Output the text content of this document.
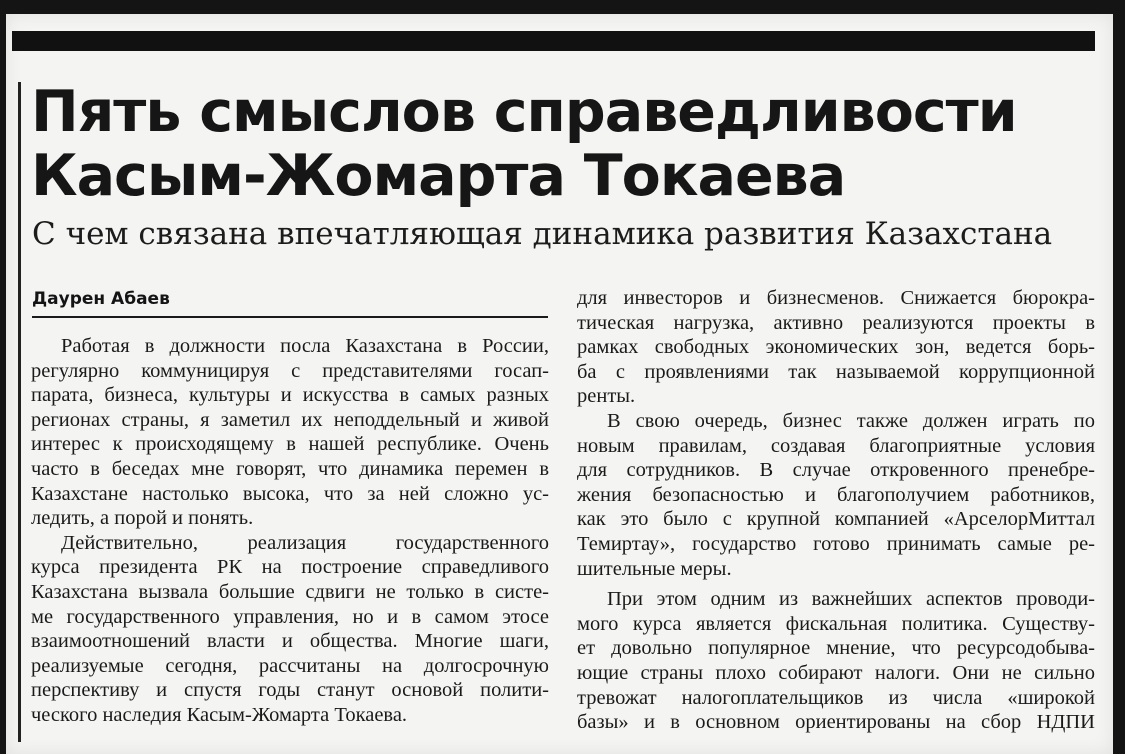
Пять смыслов справедливости
Касым-Жомарта Токаева
С чем связана впечатляющая динамика развития Казахстана
Даурен Абаев
Работая в должности посла Казахстана в России,
регулярно коммуницируя с представителями госап-
парата, бизнеса, культуры и искусства в самых разных
регионах страны, я заметил их неподдельный и живой
интерес к происходящему в нашей республике. Очень
часто в беседах мне говорят, что динамика перемен в
Казахстане настолько высока, что за ней сложно ус-
ледить, а порой и понять.
Действительно, реализация государственного
курса президента РК на построение справедливого
Казахстана вызвала большие сдвиги не только в систе-
ме государственного управления, но и в самом этосе
взаимоотношений власти и общества. Многие шаги,
реализуемые сегодня, рассчитаны на долгосрочную
перспективу и спустя годы станут основой полити-
ческого наследия Касым-Жомарта Токаева.
для инвесторов и бизнесменов. Снижается бюрокра-
тическая нагрузка, активно реализуются проекты в
рамках свободных экономических зон, ведется борь-
ба с проявлениями так называемой коррупционной
ренты.
В свою очередь, бизнес также должен играть по
новым правилам, создавая благоприятные условия
для сотрудников. В случае откровенного пренебре-
жения безопасностью и благополучием работников,
как это было с крупной компанией «АрселорМиттал
Темиртау», государство готово принимать самые ре-
шительные меры.
При этом одним из важнейших аспектов проводи-
мого курса является фискальная политика. Существу-
ет довольно популярное мнение, что ресурсодобыва-
ющие страны плохо собирают налоги. Они не сильно
тревожат налогоплательщиков из числа «широкой
базы» и в основном ориентированы на сбор НДПИ
